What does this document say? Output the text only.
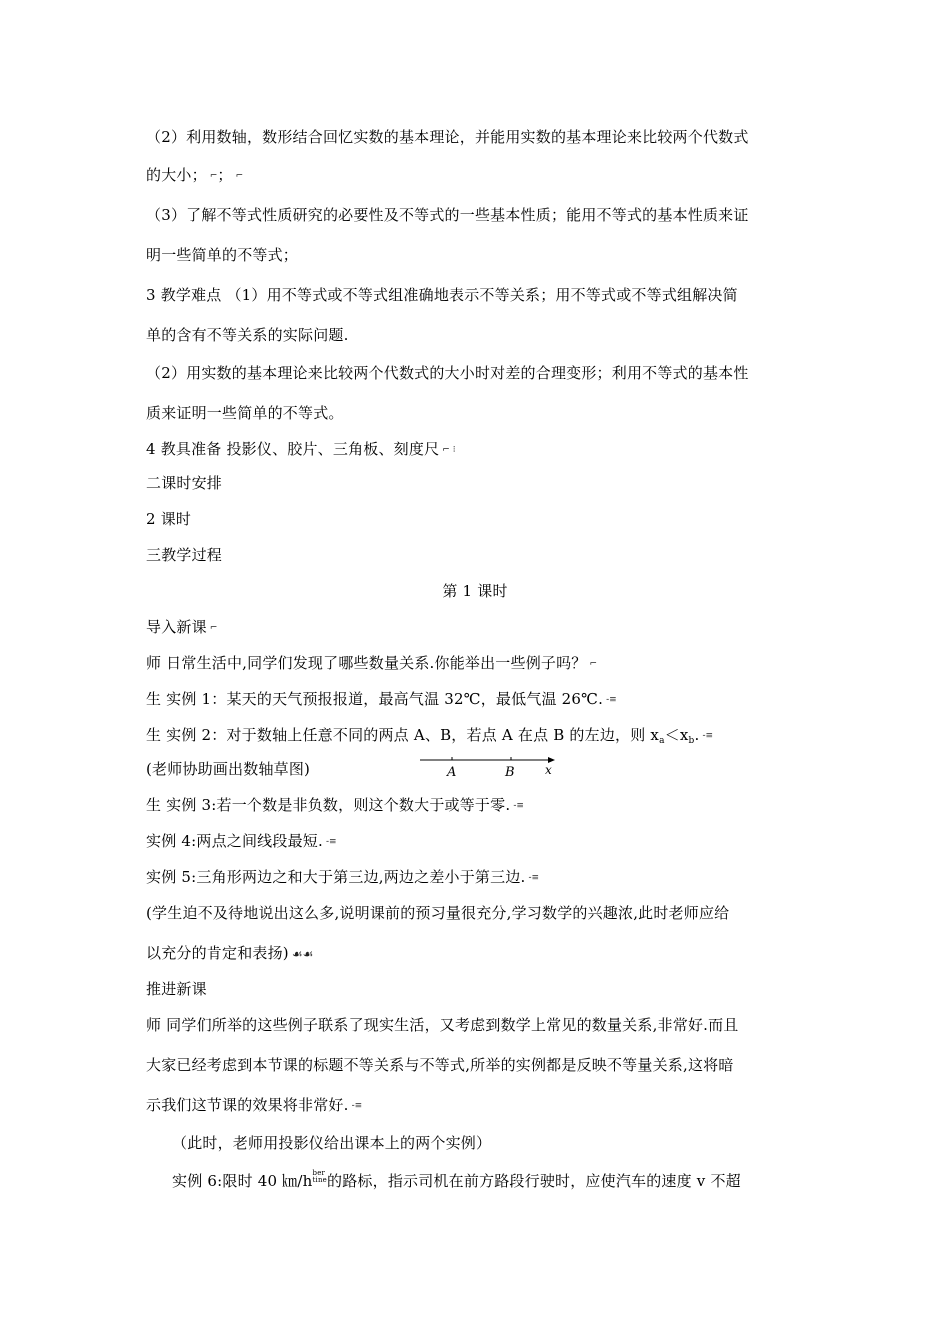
（2）利用数轴，数形结合回忆实数的基本理论，并能用实数的基本理论来比较两个代数式
的大小； ⌐； ⌐
（3）了解不等式性质研究的必要性及不等式的一些基本性质；能用不等式的基本性质来证
明一些简单的不等式；
3 教学难点 （1）用不等式或不等式组准确地表示不等关系；用不等式或不等式组解决简
单的含有不等关系的实际问题.
（2）用实数的基本理论来比较两个代数式的大小时对差的合理变形；利用不等式的基本性
质来证明一些简单的不等式。
4 教具准备 投影仪、胶片、三角板、刻度尺 ⌐ ⁝
二课时安排
2 课时
三教学过程
第 1 课时
导入新课 ⌐
师 日常生活中,同学们发现了哪些数量关系.你能举出一些例子吗？ ⌐
生 实例 1：某天的天气预报报道，最高气温 32℃，最低气温 26℃. -≡
生 实例 2：对于数轴上任意不同的两点 A、B，若点 A 在点 B 的左边，则 $x_a<x_b$. -≡
(老师协助画出数轴草图)	A	B	x
生 实例 3:若一个数是非负数，则这个数大于或等于零. -≡
实例 4:两点之间线段最短. -≡
实例 5:三角形两边之和大于第三边,两边之差小于第三边. -≡
(学生迫不及待地说出这么多,说明课前的预习量很充分,学习数学的兴趣浓,此时老师应给
以充分的肯定和表扬) ☙☙
推进新课
师 同学们所举的这些例子联系了现实生活，又考虑到数学上常见的数量关系,非常好.而且
大家已经考虑到本节课的标题不等关系与不等式,所举的实例都是反映不等量关系,这将暗
示我们这节课的效果将非常好. -≡
（此时，老师用投影仪给出课本上的两个实例）
实例 6:限时 40 ㎞/hber
tine的路标，指示司机在前方路段行驶时，应使汽车的速度 v 不超
